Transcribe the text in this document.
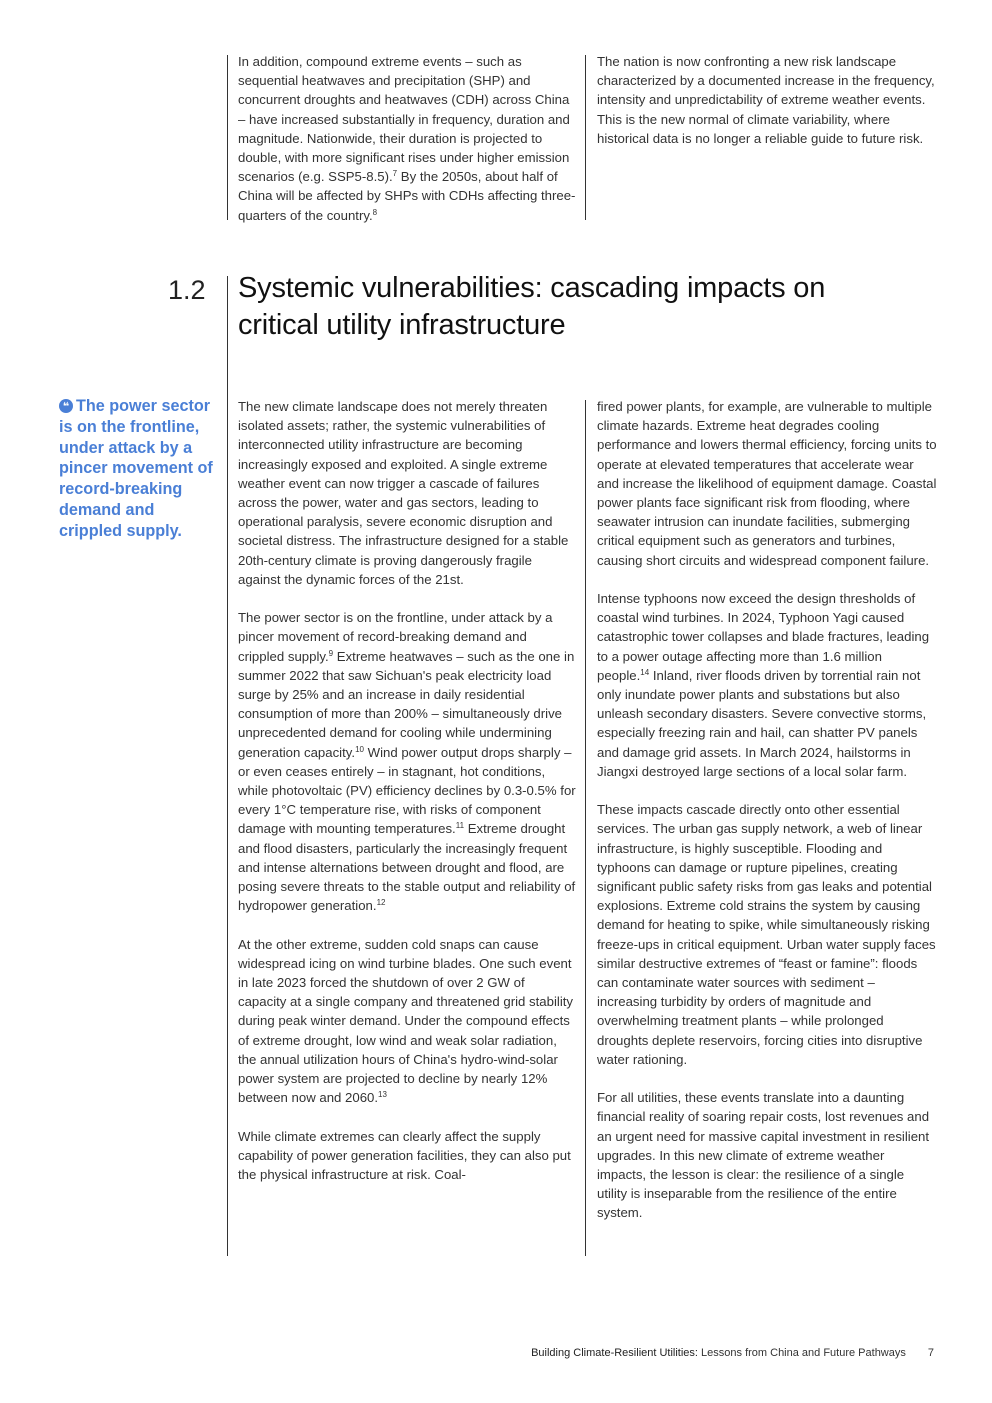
In addition, compound extreme events – such as sequential heatwaves and precipitation (SHP) and concurrent droughts and heatwaves (CDH) across China – have increased substantially in frequency, duration and magnitude. Nationwide, their duration is projected to double, with more significant rises under higher emission scenarios (e.g. SSP5-8.5).$^7$ By the 2050s, about half of China will be affected by SHPs with CDHs affecting three-quarters of the country.$^8$

The nation is now confronting a new risk landscape characterized by a documented increase in the frequency, intensity and unpredictability of extreme weather events. This is the new normal of climate variability, where historical data is no longer a reliable guide to future risk.

1.2 Systemic vulnerabilities: cascading impacts on critical utility infrastructure
❝ The power sector is on the frontline, under attack by a pincer movement of record-breaking demand and crippled supply.

The new climate landscape does not merely threaten isolated assets; rather, the systemic vulnerabilities of interconnected utility infrastructure are becoming increasingly exposed and exploited. A single extreme weather event can now trigger a cascade of failures across the power, water and gas sectors, leading to operational paralysis, severe economic disruption and societal distress. The infrastructure designed for a stable 20th-century climate is proving dangerously fragile against the dynamic forces of the 21st.

The power sector is on the frontline, under attack by a pincer movement of record-breaking demand and crippled supply.$^9$ Extreme heatwaves – such as the one in summer 2022 that saw Sichuan's peak electricity load surge by 25% and an increase in daily residential consumption of more than 200% – simultaneously drive unprecedented demand for cooling while undermining generation capacity.$^{10}$ Wind power output drops sharply – or even ceases entirely – in stagnant, hot conditions, while photovoltaic (PV) efficiency declines by 0.3-0.5% for every 1°C temperature rise, with risks of component damage with mounting temperatures.$^{11}$ Extreme drought and flood disasters, particularly the increasingly frequent and intense alternations between drought and flood, are posing severe threats to the stable output and reliability of hydropower generation.$^{12}$

At the other extreme, sudden cold snaps can cause widespread icing on wind turbine blades. One such event in late 2023 forced the shutdown of over 2 GW of capacity at a single company and threatened grid stability during peak winter demand. Under the compound effects of extreme drought, low wind and weak solar radiation, the annual utilization hours of China's hydro-wind-solar power system are projected to decline by nearly 12% between now and 2060.13

While climate extremes can clearly affect the supply capability of power generation facilities, they can also put the physical infrastructure at risk. Coal-

fired power plants, for example, are vulnerable to multiple climate hazards. Extreme heat degrades cooling performance and lowers thermal efficiency, forcing units to operate at elevated temperatures that accelerate wear and increase the likelihood of equipment damage. Coastal power plants face significant risk from flooding, where seawater intrusion can inundate facilities, submerging critical equipment such as generators and turbines, causing short circuits and widespread component failure.

Intense typhoons now exceed the design thresholds of coastal wind turbines. In 2024, Typhoon Yagi caused catastrophic tower collapses and blade fractures, leading to a power outage affecting more than 1.6 million people.$^{14}$ Inland, river floods driven by torrential rain not only inundate power plants and substations but also unleash secondary disasters. Severe convective storms, especially freezing rain and hail, can shatter PV panels and damage grid assets. In March 2024, hailstorms in Jiangxi destroyed large sections of a local solar farm.

These impacts cascade directly onto other essential services. The urban gas supply network, a web of linear infrastructure, is highly susceptible. Flooding and typhoons can damage or rupture pipelines, creating significant public safety risks from gas leaks and potential explosions. Extreme cold strains the system by causing demand for heating to spike, while simultaneously risking freeze-ups in critical equipment. Urban water supply faces similar destructive extremes of “feast or famine”: floods can contaminate water sources with sediment – increasing turbidity by orders of magnitude and overwhelming treatment plants – while prolonged droughts deplete reservoirs, forcing cities into disruptive water rationing.

For all utilities, these events translate into a daunting financial reality of soaring repair costs, lost revenues and an urgent need for massive capital investment in resilient upgrades. In this new climate of extreme weather impacts, the lesson is clear: the resilience of a single utility is inseparable from the resilience of the entire system.

Building Climate-Resilient Utilities: Lessons from China and Future Pathways 7
